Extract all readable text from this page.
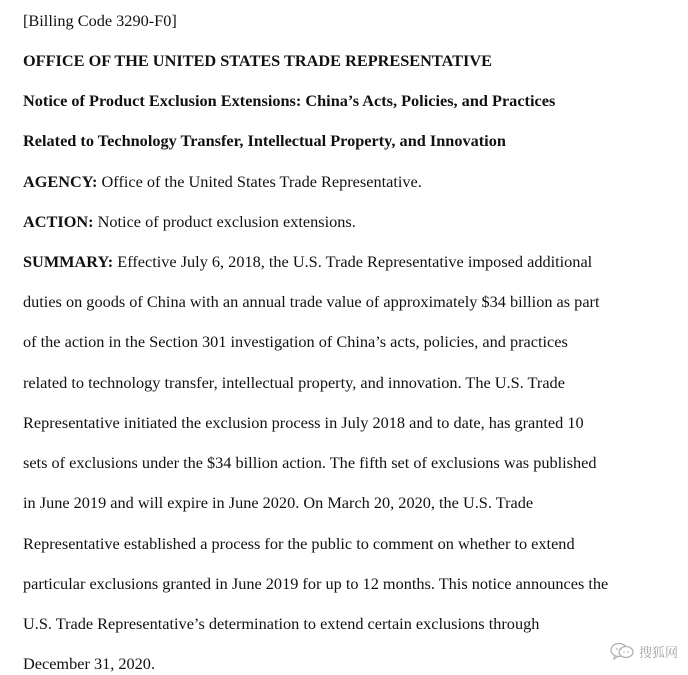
[Billing Code 3290-F0]
OFFICE OF THE UNITED STATES TRADE REPRESENTATIVE
Notice of Product Exclusion Extensions: China’s Acts, Policies, and Practices
Related to Technology Transfer, Intellectual Property, and Innovation
AGENCY: Office of the United States Trade Representative.
ACTION: Notice of product exclusion extensions.
SUMMARY: Effective July 6, 2018, the U.S. Trade Representative imposed additional
duties on goods of China with an annual trade value of approximately $34 billion as part
of the action in the Section 301 investigation of China’s acts, policies, and practices
related to technology transfer, intellectual property, and innovation. The U.S. Trade
Representative initiated the exclusion process in July 2018 and to date, has granted 10
sets of exclusions under the $34 billion action. The fifth set of exclusions was published
in June 2019 and will expire in June 2020. On March 20, 2020, the U.S. Trade
Representative established a process for the public to comment on whether to extend
particular exclusions granted in June 2019 for up to 12 months. This notice announces the
U.S. Trade Representative’s determination to extend certain exclusions through
December 31, 2020.
搜狐网
